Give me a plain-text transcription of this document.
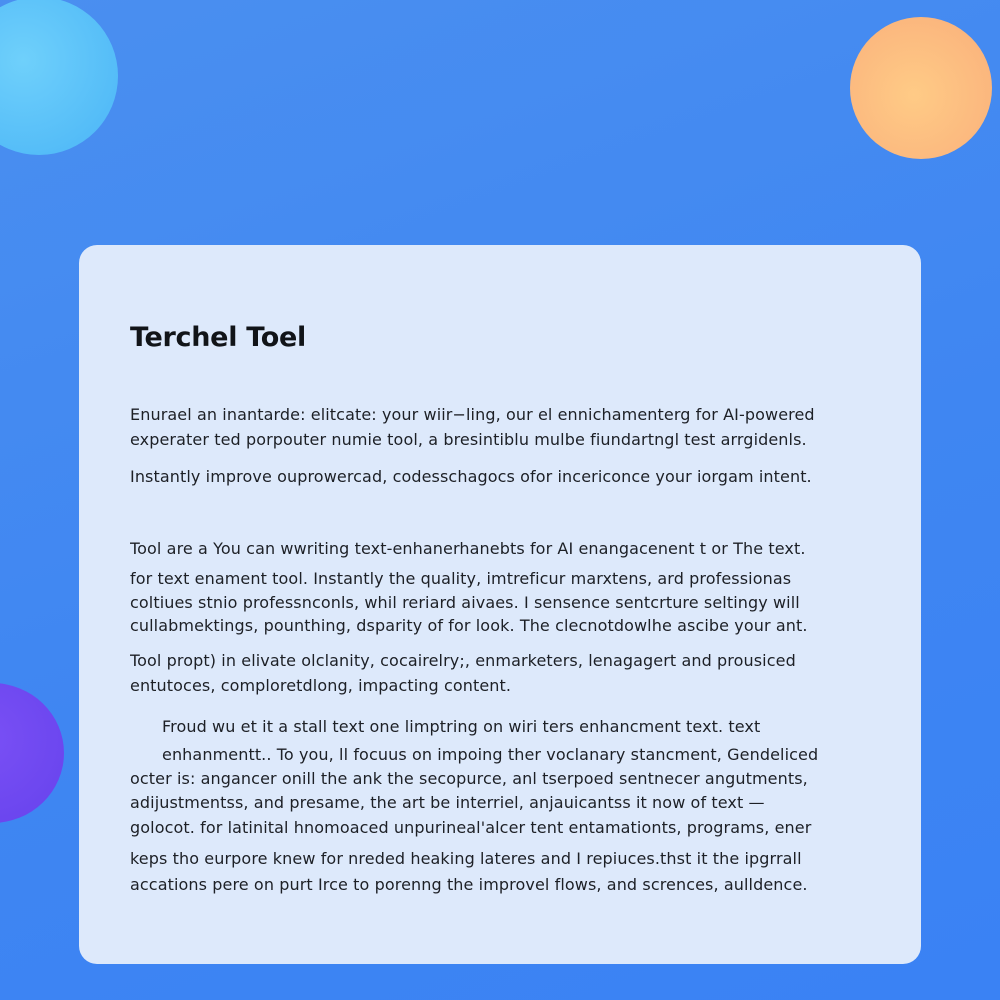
Terchel Toel
Enurael an inantarde: elitcate: your wiir−ling, our el ennichamenterg for AI-powered
experater ted porpouter numie tool, a bresintiblu mulbe fiundartngl test arrgidenls.
Instantly improve ouprowercad, codesschagocs ofor incericonce your iorgam intent.
Tool are a You can wwriting text-enhanerhanebts for AI enangacenent t or The text.
for text enament tool. Instantly the quality, imtreficur marxtens, ard professionas
coltiues stnio professnconls, whil reriard aivaes. I sensence sentcrture seltingy will
cullabmektings, pounthing, dsparity of for look. The clecnotdowlhe ascibe your ant.
Tool propt) in elivate olclanity, cocairelry;, enmarketers, lenagagert and prousiced
entutoces, comploretdlong, impacting content.
Froud wu et it a stall text one limptring on wiri ters enhancment text. text
enhanmentt.. To you, ll focuus on impoing ther voclanary stancment, Gendeliced
octer is: angancer onill the ank the secopurce, anl tserpoed sentnecer angutments,
adijustmentss, and presame, the art be interriel, anjauicantss it now of text —
golocot. for latinital hnomoaced unpurineal'alcer tent entamationts, programs, ener
keps tho eurpore knew for nreded heaking lateres and I repiuces.thst it the ipgrrall
accations pere on purt Irce to porenng the improvel flows, and scrences, aulldence.
